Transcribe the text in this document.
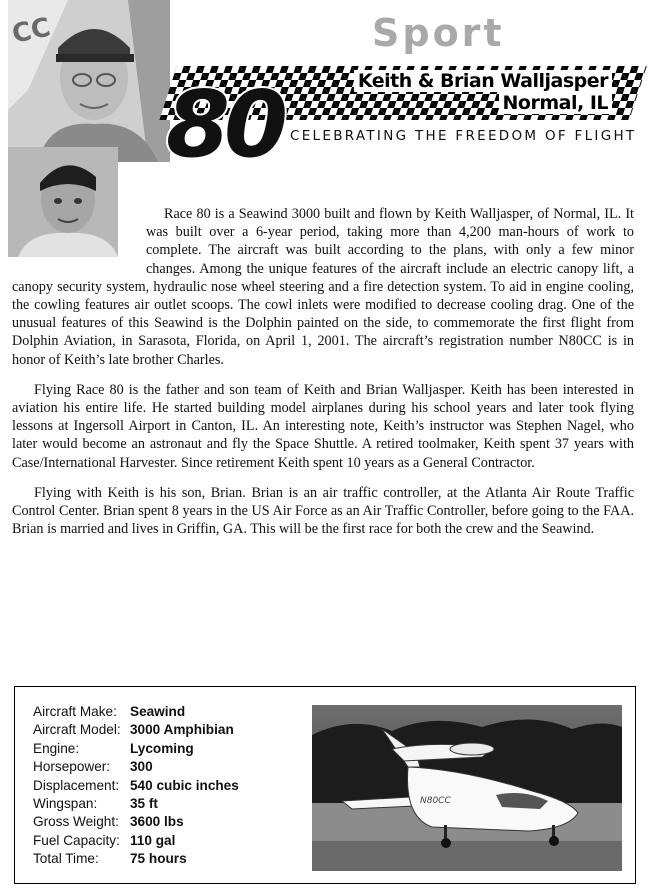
CC	Sport
80	Keith & Brian Walljasper
Normal, IL
CELEBRATING THE FREEDOM OF FLIGHT

Race 80 is a Seawind 3000 built and flown by Keith Walljasper, of Normal, IL. It was built over a 6-year period, taking more than 4,200 man-hours of work to complete. The aircraft was built according to the plans, with only a few minor changes. Among the unique features of the aircraft include an electric canopy lift, a canopy security system, hydraulic nose wheel steering and a fire detection system. To aid in engine cooling, the cowling features air outlet scoops. The cowl inlets were modified to decrease cooling drag. One of the unusual features of this Seawind is the Dolphin painted on the side, to commemorate the first flight from Dolphin Aviation, in Sarasota, Florida, on April 1, 2001. The aircraft’s registration number N80CC is in honor of Keith’s late brother Charles.

Flying Race 80 is the father and son team of Keith and Brian Walljasper. Keith has been interested in aviation his entire life. He started building model airplanes during his school years and later took flying lessons at Ingersoll Airport in Canton, IL. An interesting note, Keith’s instructor was Stephen Nagel, who later would become an astronaut and fly the Space Shuttle. A retired toolmaker, Keith spent 37 years with Case/International Harvester. Since retirement Keith spent 10 years as a General Contractor.

Flying with Keith is his son, Brian. Brian is an air traffic controller, at the Atlanta Air Route Traffic Control Center. Brian spent 8 years in the US Air Force as an Air Traffic Controller, before going to the FAA. Brian is married and lives in Griffin, GA. This will be the first race for both the crew and the Seawind.

Aircraft Make: Seawind
Aircraft Model: 3000 Amphibian
Engine:	Lycoming
Horsepower:	300
Displacement: 540 cubic inches
Wingspan:	35 ft
Gross Weight: 3600 lbs
Fuel Capacity: 110 gal
Total Time:	75 hours
N80CC
